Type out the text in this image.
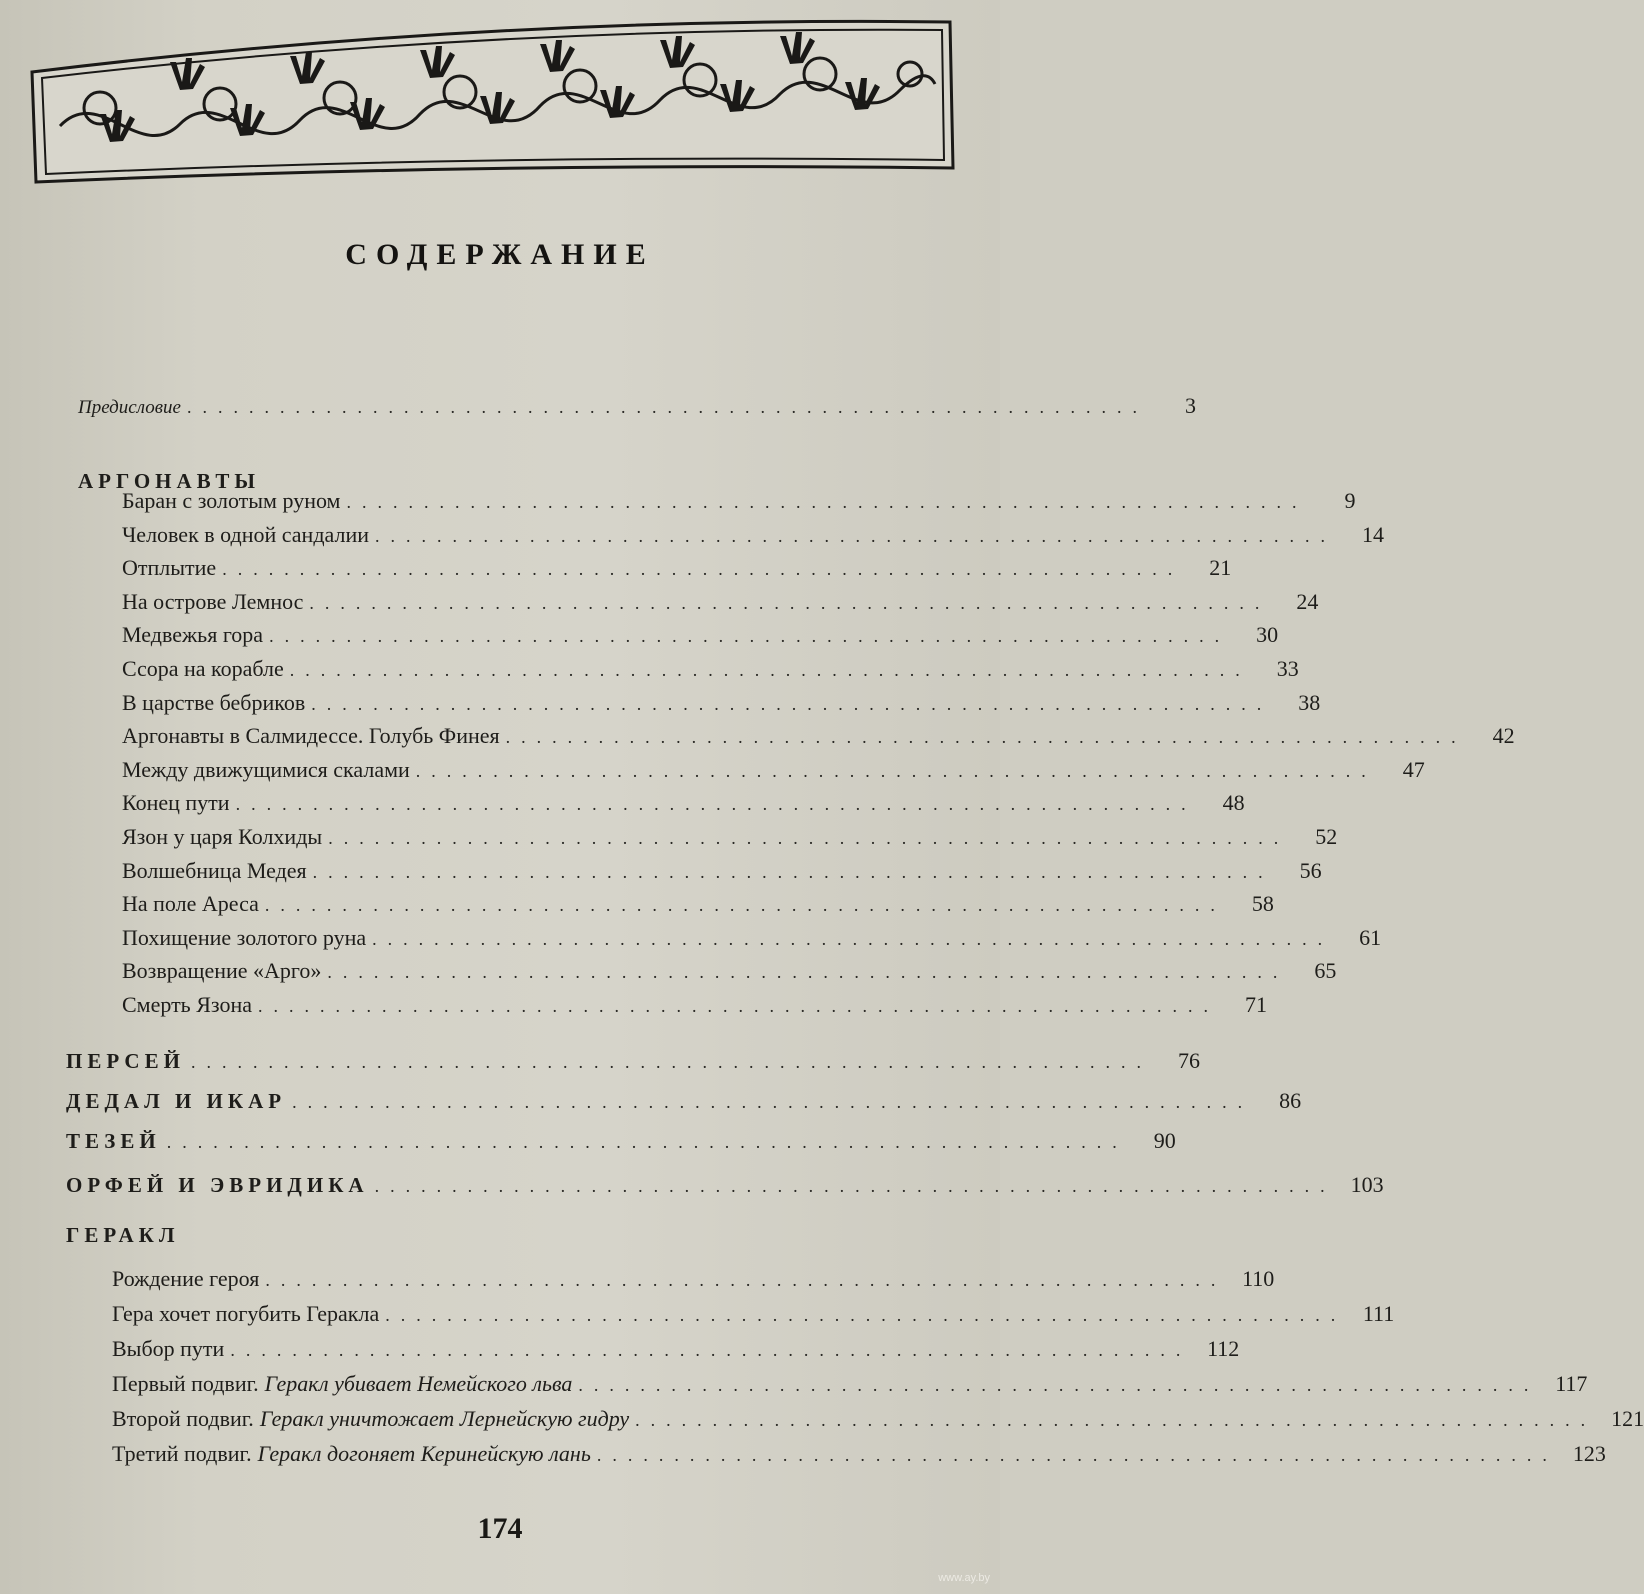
СОДЕРЖАНИЕ
Предисловие ..............................................................	3
АРГОНАВТЫ
Баран с золотым руном ..............................................................	9
Человек в одной сандалии ..............................................................	14
Отплытие ..............................................................	21
На острове Лемнос ..............................................................	24
Медвежья гора ..............................................................	30
Ссора на корабле ..............................................................	33
В царстве бебриков ..............................................................	38
Аргонавты в Салмидессе. Голубь Финея ..............................................................	42
Между движущимися скалами ..............................................................	47
Конец пути ..............................................................	48
Язон у царя Колхиды ..............................................................	52
Волшебница Медея ..............................................................	56
На поле Ареса ..............................................................	58
Похищение золотого руна ..............................................................	61
Возвращение «Арго» ..............................................................	65
Смерть Язона ..............................................................	71
ПЕРСЕЙ ..............................................................	76
ДЕДАЛ И ИКАР ..............................................................	86
ТЕЗЕЙ ..............................................................	90
ОРФЕЙ И ЭВРИДИКА .............................................................. 103
ГЕРАКЛ
Рождение героя .............................................................. 110
Гера хочет погубить Геракла .............................................................. 111
Выбор пути .............................................................. 112
Первый подвиг. Геракл убивает Немейского льва .............................................................. 117
Второй подвиг. Геракл уничтожает Лернейскую гидру .............................................................. 121
Третий подвиг. Геракл догоняет Керинейскую лань .............................................................. 123
174
www.ay.by
